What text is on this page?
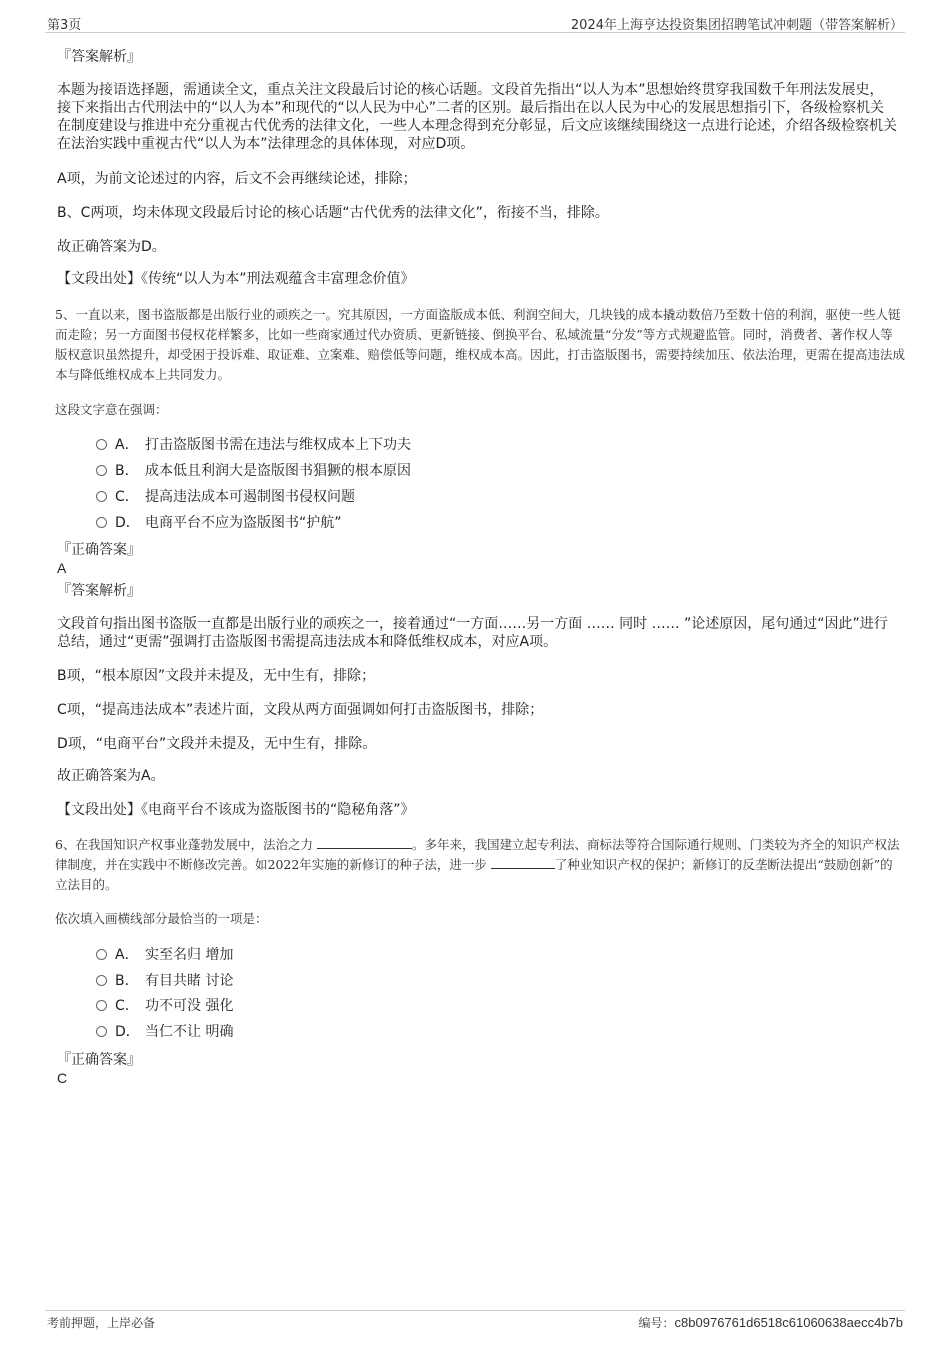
第3页	2024年上海亨达投资集团招聘笔试冲刺题（带答案解析）

『答案解析』

本题为接语选择题，需通读全文，重点关注文段最后讨论的核心话题。文段首先指出“以人为本”思想始终贯穿我国数千年刑法发展史，接下来指出古代刑法中的“以人为本”和现代的“以人民为中心”二者的区别。最后指出在以人民为中心的发展思想指引下，各级检察机关在制度建设与推进中充分重视古代优秀的法律文化，一些人本理念得到充分彰显，后文应该继续围绕这一点进行论述，介绍各级检察机关在法治实践中重视古代“以人为本”法律理念的具体体现，对应D项。

A项，为前文论述过的内容，后文不会再继续论述，排除；

B、C两项，均未体现文段最后讨论的核心话题“古代优秀的法律文化”，衔接不当，排除。

故正确答案为D。

【文段出处】《传统“以人为本”刑法观蕴含丰富理念价值》

5、一直以来，图书盗版都是出版行业的顽疾之一。究其原因，一方面盗版成本低、利润空间大，几块钱的成本撬动数倍乃至数十倍的利润，驱使一些人铤而走险；另一方面图书侵权花样繁多，比如一些商家通过代办资质、更新链接、倒换平台、私域流量“分发”等方式规避监管。同时，消费者、著作权人等版权意识虽然提升，却受困于投诉难、取证难、立案难、赔偿低等问题，维权成本高。因此，打击盗版图书，需要持续加压、依法治理，更需在提高违法成本与降低维权成本上共同发力。

这段文字意在强调：

A． 打击盗版图书需在违法与维权成本上下功夫
B． 成本低且利润大是盗版图书猖獗的根本原因
C． 提高违法成本可遏制图书侵权问题
D． 电商平台不应为盗版图书“护航”

『正确答案』

A

『答案解析』

文段首句指出图书盗版一直都是出版行业的顽疾之一，接着通过“一方面……另一方面 …… 同时 …… ”论述原因，尾句通过“因此”进行总结，通过“更需”强调打击盗版图书需提高违法成本和降低维权成本，对应A项。

B项，“根本原因”文段并未提及，无中生有，排除；

C项，“提高违法成本”表述片面，文段从两方面强调如何打击盗版图书，排除；

D项，“电商平台”文段并未提及，无中生有，排除。

故正确答案为A。

【文段出处】《电商平台不该成为盗版图书的“隐秘角落”》

6、在我国知识产权事业蓬勃发展中，法治之力	。多年来，我国建立起专利法、商标法等符合国际通行规则、门类较为齐全的知识产权法律制度，并在实践中不断修改完善。如2022年实施的新修订的种子法，进一步	了种业知识产权的保护；新修订的反垄断法提出“鼓励创新”的立法目的。

依次填入画横线部分最恰当的一项是：

A． 实至名归 增加
B． 有目共睹 讨论
C． 功不可没 强化
D． 当仁不让 明确

『正确答案』

C
考前押题，上岸必备	编号：c8b0976761d6518c61060638aecc4b7b
